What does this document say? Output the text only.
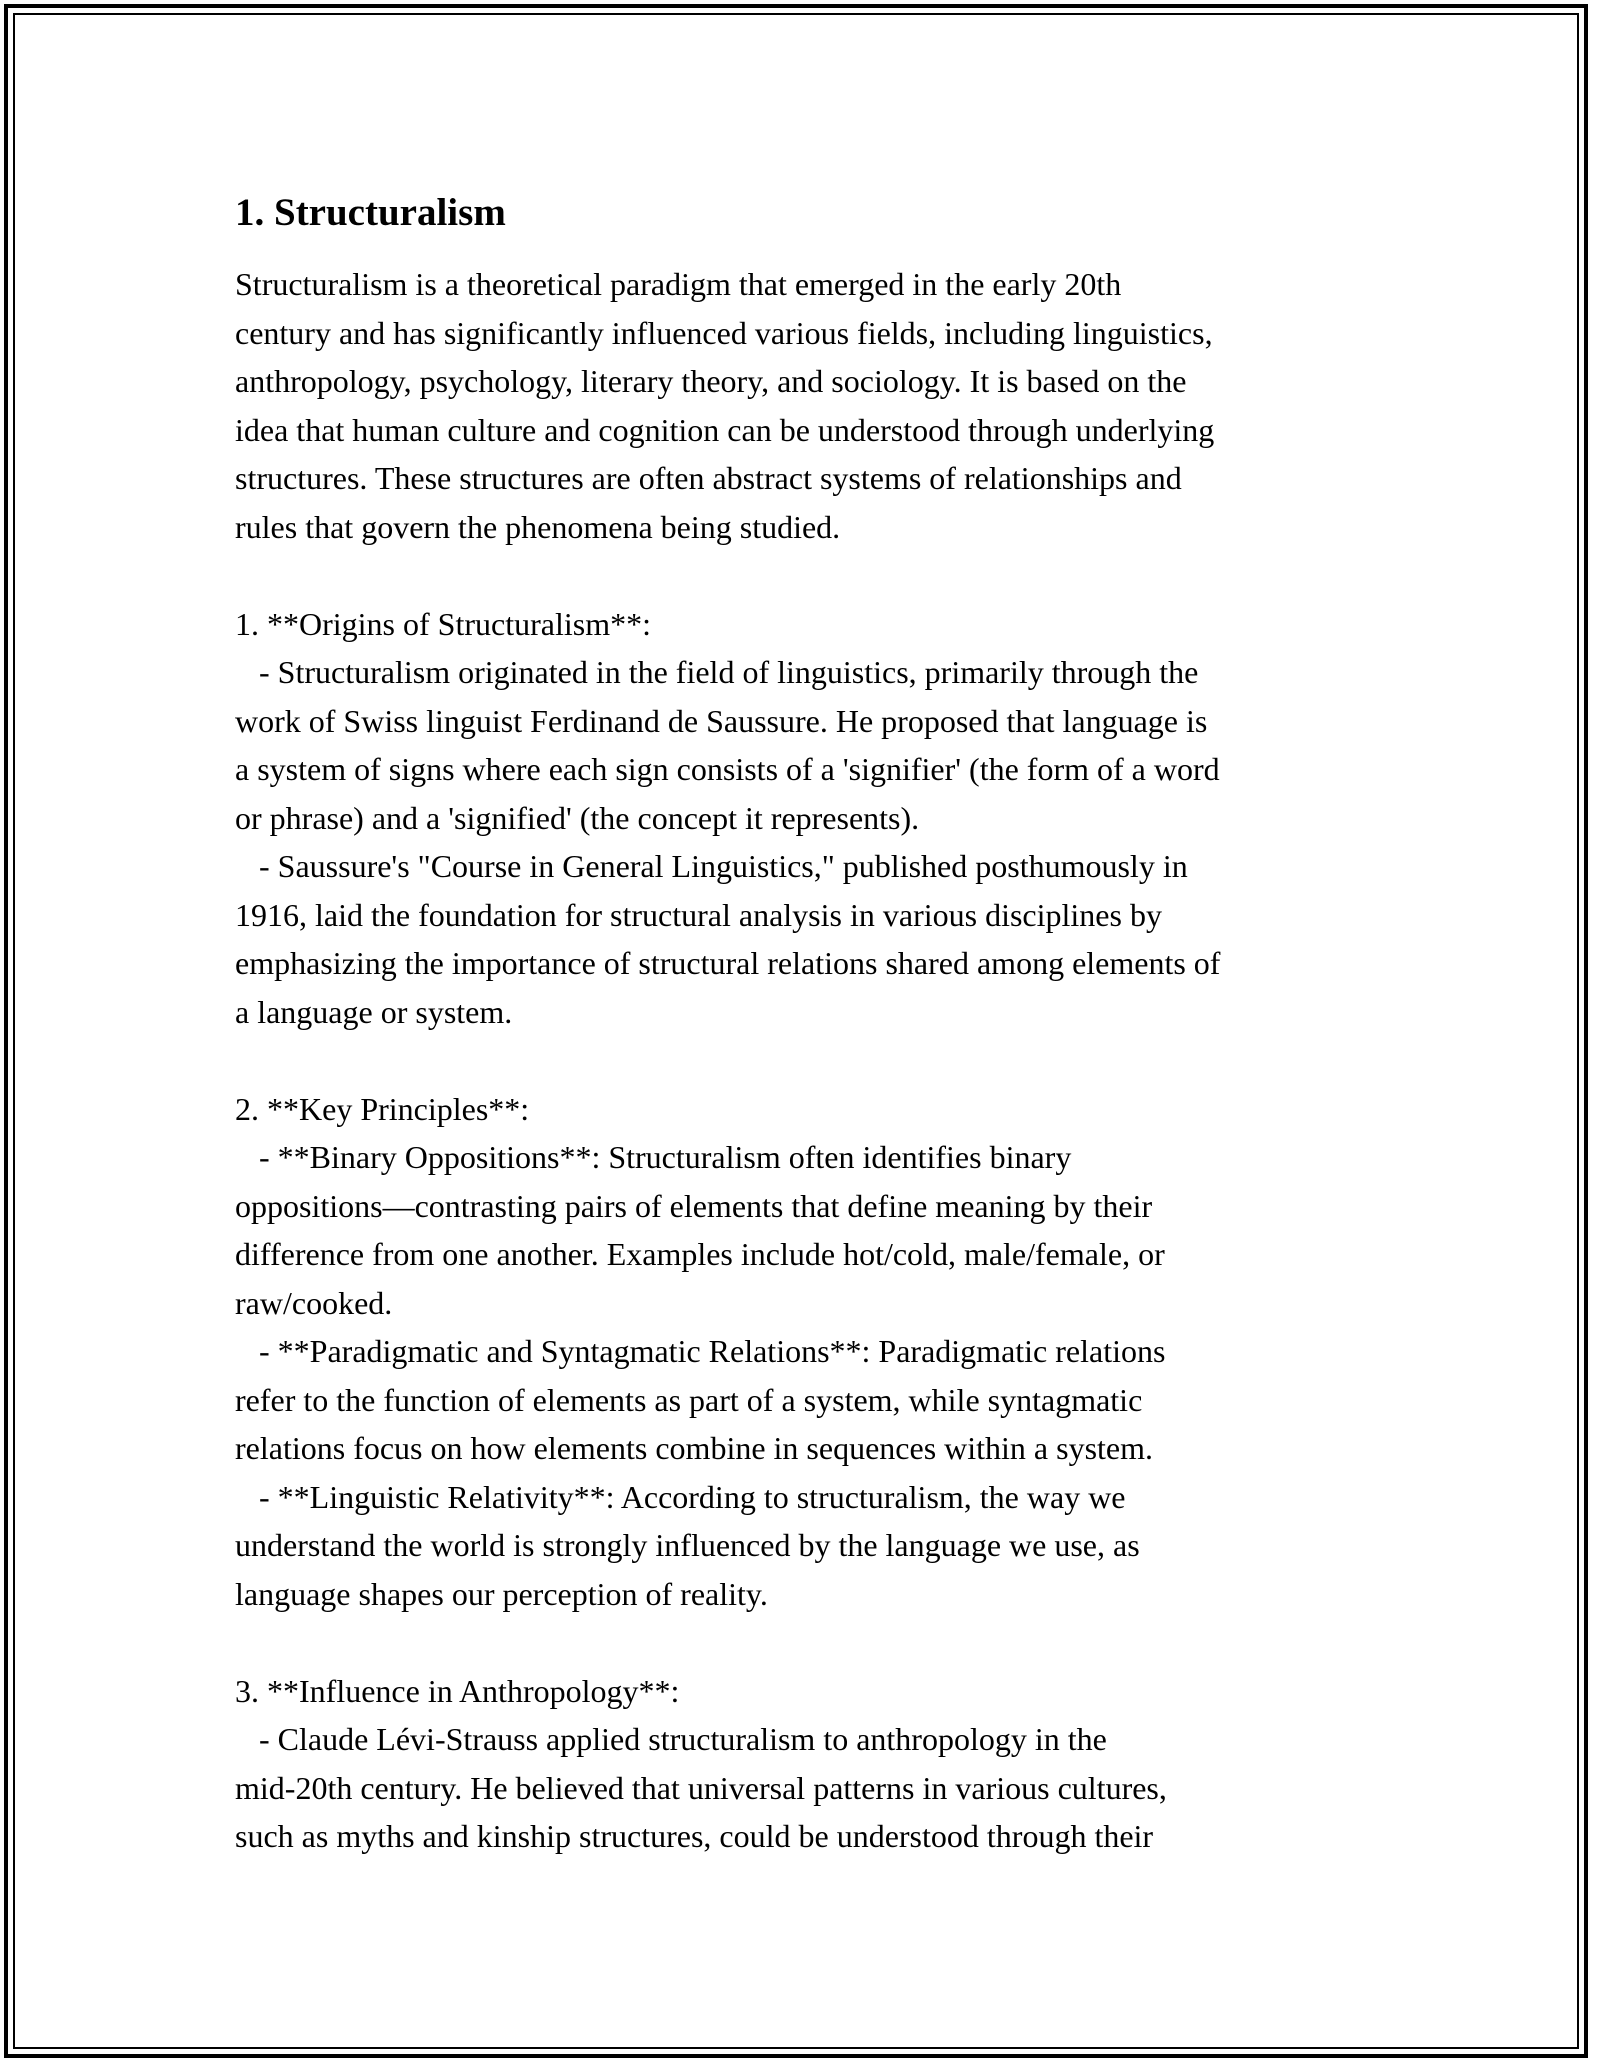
1. Structuralism
Structuralism is a theoretical paradigm that emerged in the early 20th
century and has significantly influenced various fields, including linguistics,
anthropology, psychology, literary theory, and sociology. It is based on the
idea that human culture and cognition can be understood through underlying
structures. These structures are often abstract systems of relationships and
rules that govern the phenomena being studied.
1. **Origins of Structuralism**:
- Structuralism originated in the field of linguistics, primarily through the
work of Swiss linguist Ferdinand de Saussure. He proposed that language is
a system of signs where each sign consists of a 'signifier' (the form of a word
or phrase) and a 'signified' (the concept it represents).
- Saussure's "Course in General Linguistics," published posthumously in
1916, laid the foundation for structural analysis in various disciplines by
emphasizing the importance of structural relations shared among elements of
a language or system.
2. **Key Principles**:
- **Binary Oppositions**: Structuralism often identifies binary
oppositions—contrasting pairs of elements that define meaning by their
difference from one another. Examples include hot/cold, male/female, or
raw/cooked.
- **Paradigmatic and Syntagmatic Relations**: Paradigmatic relations
refer to the function of elements as part of a system, while syntagmatic
relations focus on how elements combine in sequences within a system.
- **Linguistic Relativity**: According to structuralism, the way we
understand the world is strongly influenced by the language we use, as
language shapes our perception of reality.
3. **Influence in Anthropology**:
- Claude Lévi-Strauss applied structuralism to anthropology in the
mid-20th century. He believed that universal patterns in various cultures,
such as myths and kinship structures, could be understood through their
